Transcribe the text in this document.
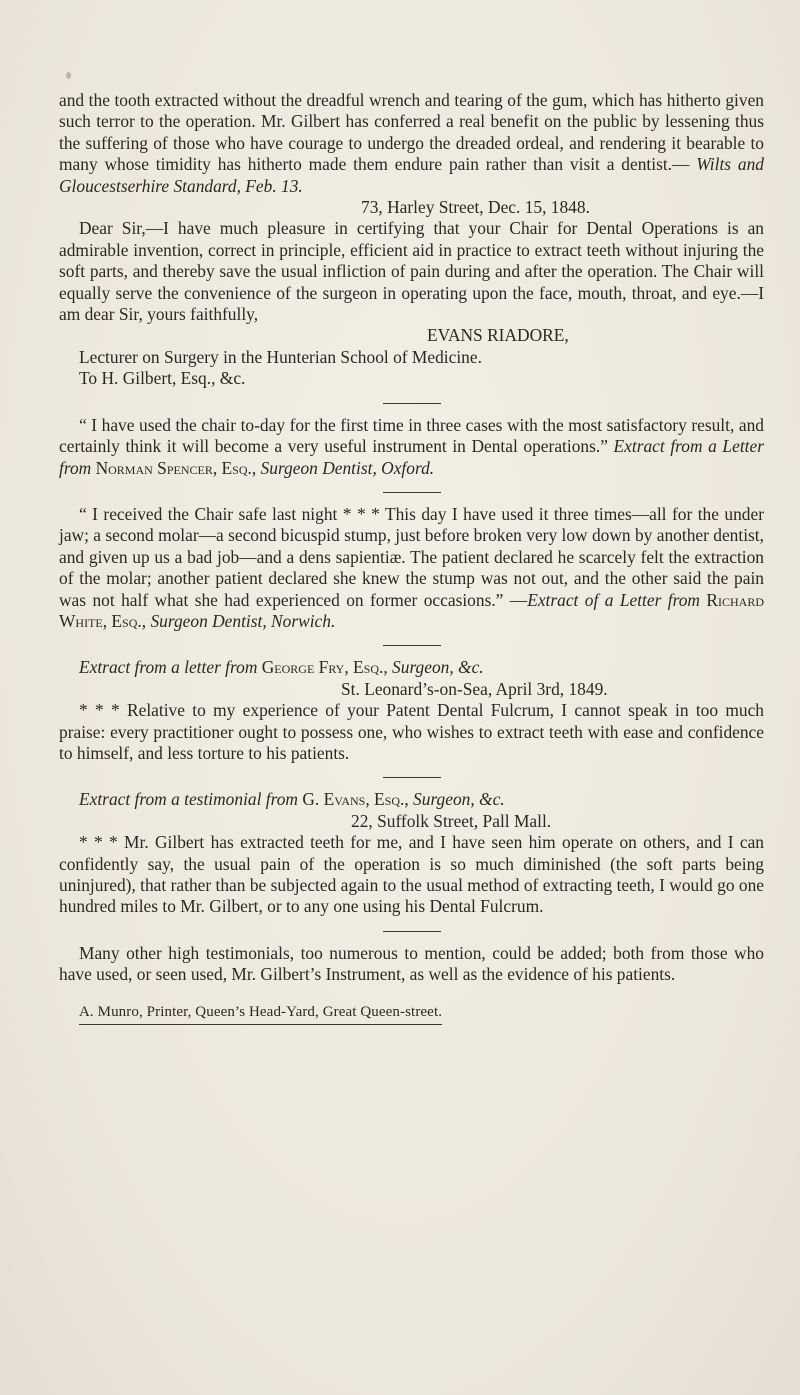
and the tooth extracted without the dreadful wrench and tearing of the gum, which has hitherto given such terror to the operation. Mr. Gilbert has conferred a real benefit on the public by lessening thus the suffering of those who have courage to undergo the dreaded ordeal, and rendering it bearable to many whose timidity has hitherto made them endure pain rather than visit a dentist.— Wilts and Gloucestserhire Standard, Feb. 13.

73, Harley Street, Dec. 15, 1848.

Dear Sir,—I have much pleasure in certifying that your Chair for Dental Operations is an admirable invention, correct in principle, efficient aid in practice to extract teeth without injuring the soft parts, and thereby save the usual infliction of pain during and after the operation. The Chair will equally serve the convenience of the surgeon in operating upon the face, mouth, throat, and eye.—I am dear Sir, yours faithfully,

EVANS RIADORE,

Lecturer on Surgery in the Hunterian School of Medicine.

To H. Gilbert, Esq., &c.

“ I have used the chair to-day for the first time in three cases with the most satisfactory result, and certainly think it will become a very useful instrument in Dental operations.” Extract from a Letter from Norman Spencer, Esq., Surgeon Dentist, Oxford.

“ I received the Chair safe last night * * * This day I have used it three times—all for the under jaw; a second molar—a second bicuspid stump, just before broken very low down by another dentist, and given up us a bad job—and a dens sapientiæ. The patient declared he scarcely felt the extraction of the molar; another patient declared she knew the stump was not out, and the other said the pain was not half what she had experienced on former occasions.” —Extract of a Letter from Richard White, Esq., Surgeon Dentist, Norwich.

Extract from a letter from George Fry, Esq., Surgeon, &c.

St. Leonard’s-on-Sea, April 3rd, 1849.

* * * Relative to my experience of your Patent Dental Fulcrum, I cannot speak in too much praise: every practitioner ought to possess one, who wishes to extract teeth with ease and confidence to himself, and less torture to his patients.

Extract from a testimonial from G. Evans, Esq., Surgeon, &c.

22, Suffolk Street, Pall Mall.

* * * Mr. Gilbert has extracted teeth for me, and I have seen him operate on others, and I can confidently say, the usual pain of the operation is so much diminished (the soft parts being uninjured), that rather than be subjected again to the usual method of extracting teeth, I would go one hundred miles to Mr. Gilbert, or to any one using his Dental Fulcrum.

Many other high testimonials, too numerous to mention, could be added; both from those who have used, or seen used, Mr. Gilbert’s Instrument, as well as the evidence of his patients.

A. Munro, Printer, Queen’s Head-Yard, Great Queen-street.
